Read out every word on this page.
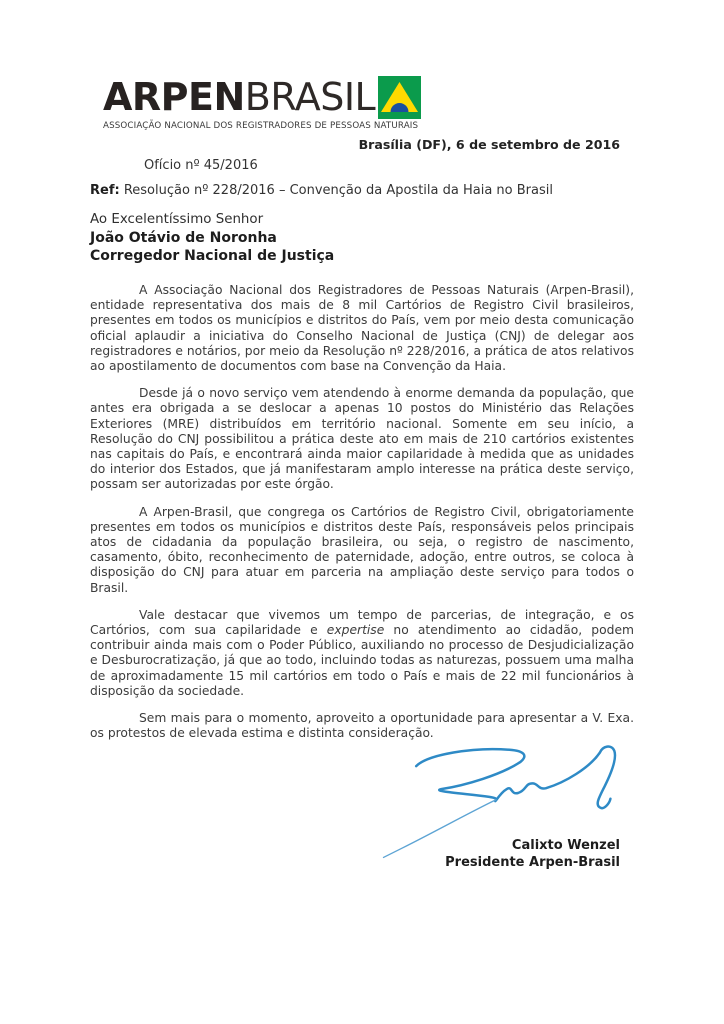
ARPEN BRASIL
ASSOCIAÇÃO NACIONAL DOS REGISTRADORES DE PESSOAS NATURAIS
Brasília (DF), 6 de setembro de 2016
Ofício nº 45/2016
Ref: Resolução nº 228/2016 – Convenção da Apostila da Haia no Brasil
Ao Excelentíssimo Senhor
João Otávio de Noronha
Corregedor Nacional de Justiça

A Associação Nacional dos Registradores de Pessoas Naturais (Arpen-Brasil), entidade representativa dos mais de 8 mil Cartórios de Registro Civil brasileiros, presentes em todos os municípios e distritos do País, vem por meio desta comunicação oficial aplaudir a iniciativa do Conselho Nacional de Justiça (CNJ) de delegar aos registradores e notários, por meio da Resolução nº 228/2016, a prática de atos relativos ao apostilamento de documentos com base na Convenção da Haia.

Desde já o novo serviço vem atendendo à enorme demanda da população, que antes era obrigada a se deslocar a apenas 10 postos do Ministério das Relações Exteriores (MRE) distribuídos em território nacional. Somente em seu início, a Resolução do CNJ possibilitou a prática deste ato em mais de 210 cartórios existentes nas capitais do País, e encontrará ainda maior capilaridade à medida que as unidades do interior dos Estados, que já manifestaram amplo interesse na prática deste serviço, possam ser autorizadas por este órgão.

A Arpen-Brasil, que congrega os Cartórios de Registro Civil, obrigatoriamente presentes em todos os municípios e distritos deste País, responsáveis pelos principais atos de cidadania da população brasileira, ou seja, o registro de nascimento, casamento, óbito, reconhecimento de paternidade, adoção, entre outros, se coloca à disposição do CNJ para atuar em parceria na ampliação deste serviço para todos o Brasil.

Vale destacar que vivemos um tempo de parcerias, de integração, e os Cartórios, com sua capilaridade e expertise no atendimento ao cidadão, podem contribuir ainda mais com o Poder Público, auxiliando no processo de Desjudicialização e Desburocratização, já que ao todo, incluindo todas as naturezas, possuem uma malha de aproximadamente 15 mil cartórios em todo o País e mais de 22 mil funcionários à disposição da sociedade.

Sem mais para o momento, aproveito a oportunidade para apresentar a V. Exa. os protestos de elevada estima e distinta consideração.

Calixto Wenzel
Presidente Arpen-Brasil
